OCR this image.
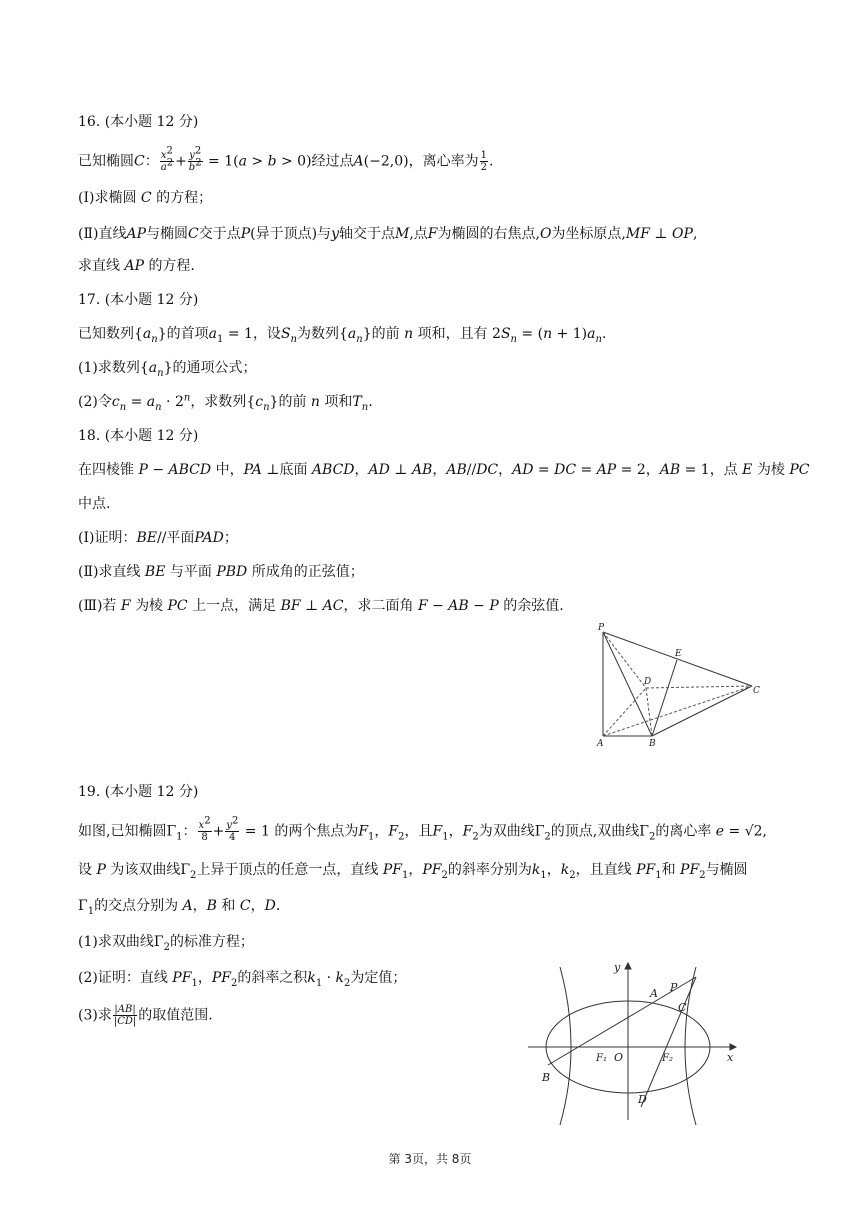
16. (本小题 12 分)
已知椭圆C： $\frac{x^2}{a^2} + \frac{y^2}{b^2} = 1(a > b > 0)$经过点A(−2,0)，离心率为 $\frac{1}{2}$ .
(Ⅰ)求椭圆 C 的方程；
(Ⅱ)直线AP与椭圆C交于点P(异于顶点)与y轴交于点M,点F为椭圆的右焦点,O为坐标原点,MF ⊥ OP,
求直线 AP 的方程.
17. (本小题 12 分)
已知数列$\{a_n\}$的首项$a_1 = 1$，设$S_n$为数列$\{a_n\}$的前 n 项和，且有 $2S_n = (n + 1)a_n$.
(1)求数列$\{a_n\}$的通项公式；
(2)令$c_n = a_n \cdot 2^n$，求数列$\{c_n\}$的前 n 项和$T_n$.
18. (本小题 12 分)
在四棱锥 P − ABCD 中，PA ⊥底面 ABCD，AD ⊥ AB，AB//DC，AD = DC = AP = 2，AB = 1，点 E 为棱 PC
中点.
(Ⅰ)证明：BE//平面PAD；
(Ⅱ)求直线 BE 与平面 PBD 所成角的正弦值；
(Ⅲ)若 F 为棱 PC 上一点，满足 BF ⊥ AC，求二面角 F − AB − P 的余弦值.
P
E
D
C
A	B
19. (本小题 12 分)
如图,已知椭圆$\Gamma_1$： $\frac{x^2}{8} + \frac{y^2}{4} = 1$ 的两个焦点为$F_1$，$F_2$，且$F_1$，$F_2$为双曲线$\Gamma_2$的顶点,双曲线$\Gamma_2$的离心率 e = √2,
设 P 为该双曲线$\Gamma_2$上异于顶点的任意一点，直线 $PF_1$，$PF_2$的斜率分别为$k_1$，$k_2$，且直线 $PF_1$和 $PF_2$与椭圆
$\Gamma_1$的交点分别为 A，B 和 C，D.
(1)求双曲线$\Gamma_2$的标准方程；
(2)证明：直线 $PF_1$，$PF_2$的斜率之积$k_1 \cdot k_2$为定值；
(3)求 $\frac{|AB|}{|CD|}$ 的取值范围.
y
P
A
C
F₁ O	F₂	x
B
D
第 3页，共 8页
